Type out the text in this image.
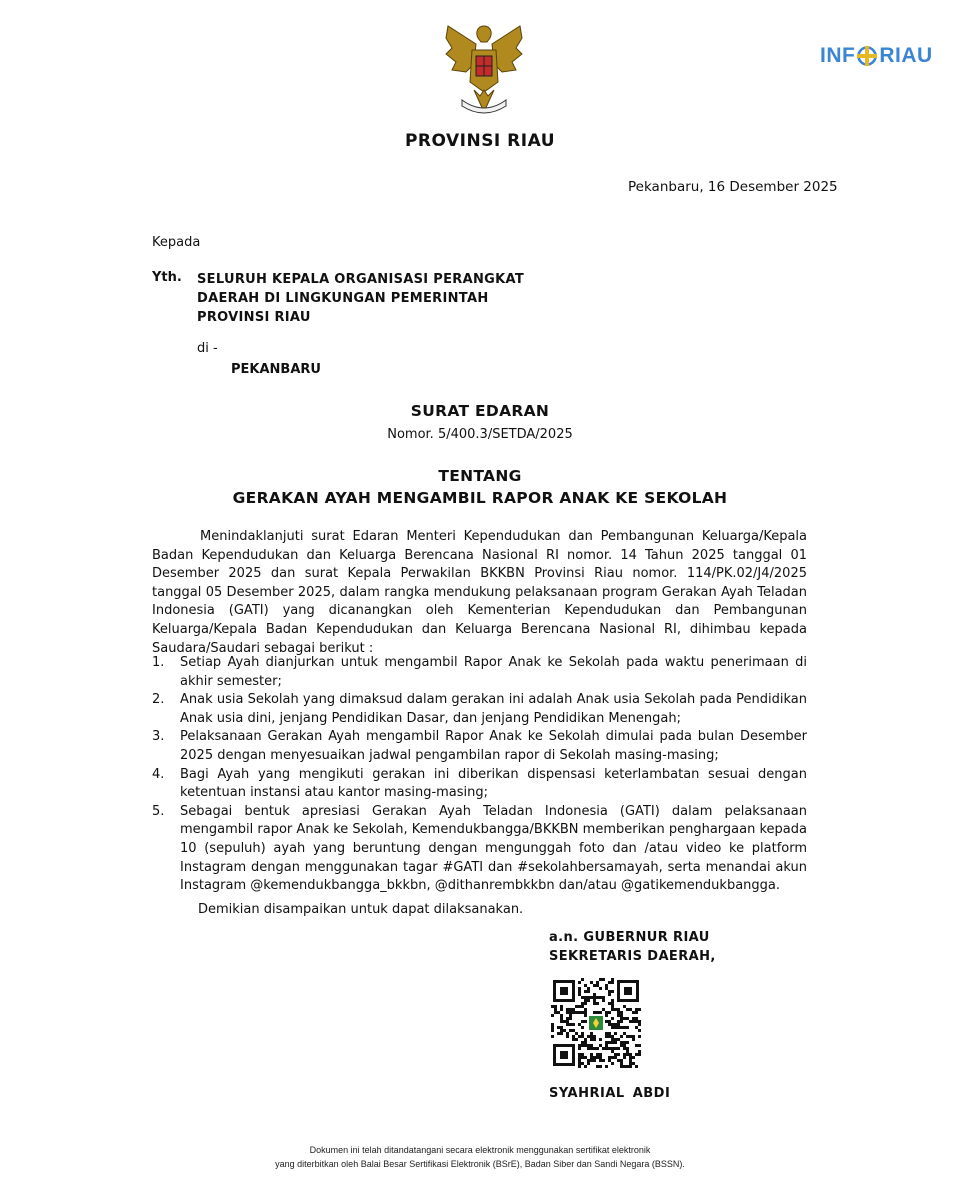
INF RIAU
PROVINSI RIAU
Pekanbaru, 16 Desember 2025
Kepada
Yth. SELURUH KEPALA ORGANISASI PERANGKAT
DAERAH DI LINGKUNGAN PEMERINTAH
PROVINSI RIAU
di -
PEKANBARU
SURAT EDARAN
Nomor. 5/400.3/SETDA/2025
TENTANG
GERAKAN AYAH MENGAMBIL RAPOR ANAK KE SEKOLAH

Menindaklanjuti surat Edaran Menteri Kependudukan dan Pembangunan Keluarga/Kepala Badan Kependudukan dan Keluarga Berencana Nasional RI nomor. 14 Tahun 2025 tanggal 01 Desember 2025 dan surat Kepala Perwakilan BKKBN Provinsi Riau nomor. 114/PK.02/J4/2025 tanggal 05 Desember 2025, dalam rangka mendukung pelaksanaan program Gerakan Ayah Teladan Indonesia (GATI) yang dicanangkan oleh Kementerian Kependudukan dan Pembangunan Keluarga/Kepala Badan Kependudukan dan Keluarga Berencana Nasional RI, dihimbau kepada Saudara/Saudari sebagai berikut :

1.	Setiap Ayah dianjurkan untuk mengambil Rapor Anak ke Sekolah pada waktu penerimaan di akhir semester;
2.	Anak usia Sekolah yang dimaksud dalam gerakan ini adalah Anak usia Sekolah pada Pendidikan Anak usia dini, jenjang Pendidikan Dasar, dan jenjang Pendidikan Menengah;
3.	Pelaksanaan Gerakan Ayah mengambil Rapor Anak ke Sekolah dimulai pada bulan Desember 2025 dengan menyesuaikan jadwal pengambilan rapor di Sekolah masing-masing;
4.	Bagi Ayah yang mengikuti gerakan ini diberikan dispensasi keterlambatan sesuai dengan ketentuan instansi atau kantor masing-masing;
5.	Sebagai bentuk apresiasi Gerakan Ayah Teladan Indonesia (GATI) dalam pelaksanaan mengambil rapor Anak ke Sekolah, Kemendukbangga/BKKBN memberikan penghargaan kepada 10 (sepuluh) ayah yang beruntung dengan mengunggah foto dan /atau video ke platform Instagram dengan menggunakan tagar #GATI dan #sekolahbersamayah, serta menandai akun Instagram @kemendukbangga_bkkbn, @dithanrembkkbn dan/atau @gatikemendukbangga.
Demikian disampaikan untuk dapat dilaksanakan.
a.n. GUBERNUR RIAU
SEKRETARIS DAERAH,
SYAHRIAL ABDI
Dokumen ini telah ditandatangani secara elektronik menggunakan sertifikat elektronik
yang diterbitkan oleh Balai Besar Sertifikasi Elektronik (BSrE), Badan Siber dan Sandi Negara (BSSN).
